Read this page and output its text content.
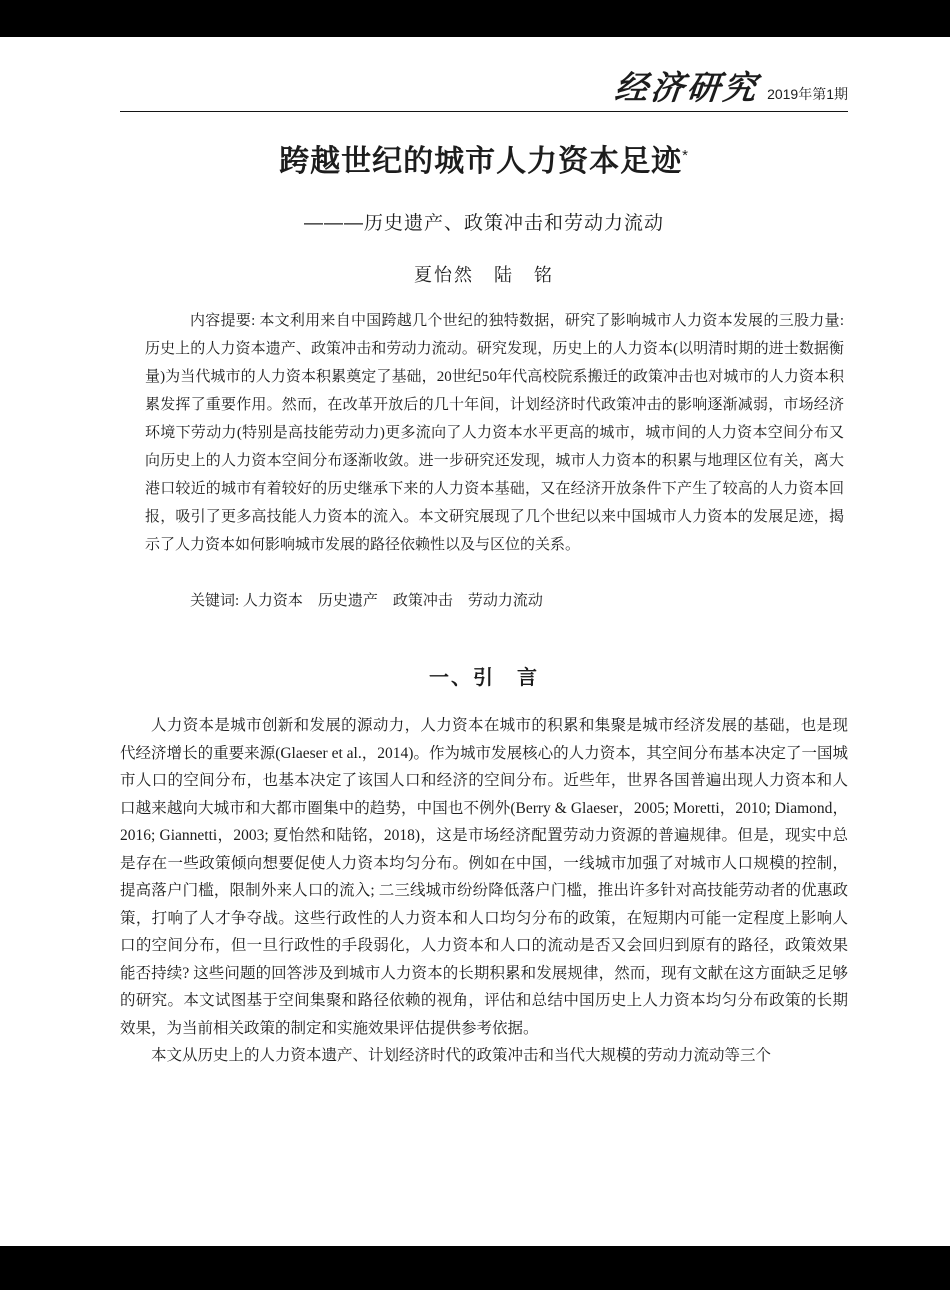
经济研究 2019年第1期
跨越世纪的城市人力资本足迹*
———历史遗产、政策冲击和劳动力流动
夏怡然　陆　铭

内容提要: 本文利用来自中国跨越几个世纪的独特数据，研究了影响城市人力资本发展的三股力量: 历史上的人力资本遗产、政策冲击和劳动力流动。研究发现，历史上的人力资本(以明清时期的进士数据衡量)为当代城市的人力资本积累奠定了基础，20世纪50年代高校院系搬迁的政策冲击也对城市的人力资本积累发挥了重要作用。然而，在改革开放后的几十年间，计划经济时代政策冲击的影响逐渐减弱，市场经济环境下劳动力(特别是高技能劳动力)更多流向了人力资本水平更高的城市，城市间的人力资本空间分布又向历史上的人力资本空间分布逐渐收敛。进一步研究还发现，城市人力资本的积累与地理区位有关，离大港口较近的城市有着较好的历史继承下来的人力资本基础，又在经济开放条件下产生了较高的人力资本回报，吸引了更多高技能人力资本的流入。本文研究展现了几个世纪以来中国城市人力资本的发展足迹，揭示了人力资本如何影响城市发展的路径依赖性以及与区位的关系。

关键词: 人力资本　历史遗产　政策冲击　劳动力流动

一、引　言

人力资本是城市创新和发展的源动力，人力资本在城市的积累和集聚是城市经济发展的基础，也是现代经济增长的重要来源(Glaeser et al.，2014)。作为城市发展核心的人力资本，其空间分布基本决定了一国城市人口的空间分布，也基本决定了该国人口和经济的空间分布。近些年，世界各国普遍出现人力资本和人口越来越向大城市和大都市圈集中的趋势，中国也不例外(Berry & Glaeser，2005; Moretti，2010; Diamond，2016; Giannetti，2003; 夏怡然和陆铭，2018)，这是市场经济配置劳动力资源的普遍规律。但是，现实中总是存在一些政策倾向想要促使人力资本均匀分布。例如在中国，一线城市加强了对城市人口规模的控制，提高落户门槛，限制外来人口的流入; 二三线城市纷纷降低落户门槛，推出许多针对高技能劳动者的优惠政策，打响了人才争夺战。这些行政性的人力资本和人口均匀分布的政策，在短期内可能一定程度上影响人口的空间分布，但一旦行政性的手段弱化，人力资本和人口的流动是否又会回归到原有的路径，政策效果能否持续? 这些问题的回答涉及到城市人力资本的长期积累和发展规律，然而，现有文献在这方面缺乏足够的研究。本文试图基于空间集聚和路径依赖的视角，评估和总结中国历史上人力资本均匀分布政策的长期效果，为当前相关政策的制定和实施效果评估提供参考依据。

本文从历史上的人力资本遗产、计划经济时代的政策冲击和当代大规模的劳动力流动等三个
